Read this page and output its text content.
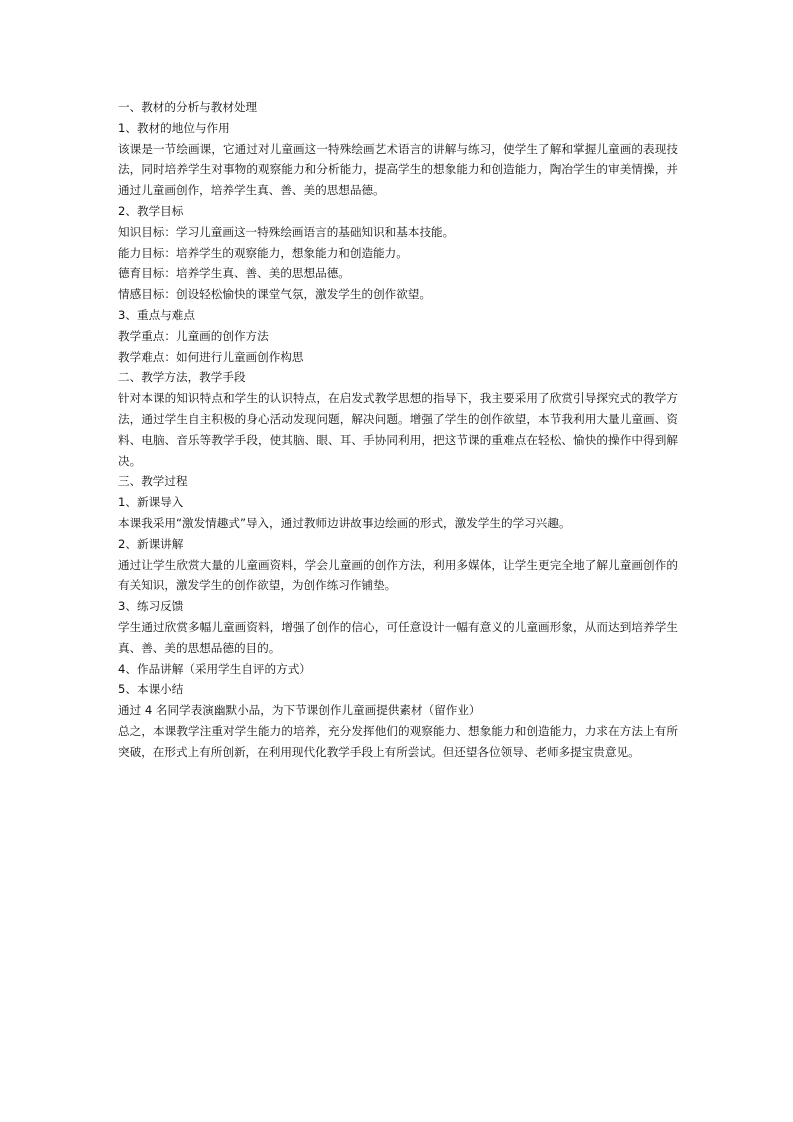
一、教材的分析与教材处理

1、教材的地位与作用

该课是一节绘画课，它通过对儿童画这一特殊绘画艺术语言的讲解与练习，使学生了解和掌握儿童画的表现技法，同时培养学生对事物的观察能力和分析能力，提高学生的想象能力和创造能力，陶冶学生的审美情操，并通过儿童画创作，培养学生真、善、美的思想品德。

2、教学目标

知识目标：学习儿童画这一特殊绘画语言的基础知识和基本技能。

能力目标：培养学生的观察能力，想象能力和创造能力。

德育目标：培养学生真、善、美的思想品德。

情感目标：创设轻松愉快的课堂气氛，激发学生的创作欲望。

3、重点与难点

教学重点：儿童画的创作方法

教学难点：如何进行儿童画创作构思

二、教学方法，教学手段

针对本课的知识特点和学生的认识特点，在启发式教学思想的指导下，我主要采用了欣赏引导探究式的教学方法，通过学生自主积极的身心活动发现问题，解决问题。增强了学生的创作欲望，本节我利用大量儿童画、资料、电脑、音乐等教学手段，使其脑、眼、耳、手协同利用，把这节课的重难点在轻松、愉快的操作中得到解决。

三、教学过程

1、新课导入

本课我采用“激发情趣式”导入，通过教师边讲故事边绘画的形式，激发学生的学习兴趣。

2、新课讲解

通过让学生欣赏大量的儿童画资料，学会儿童画的创作方法，利用多媒体，让学生更完全地了解儿童画创作的有关知识，激发学生的创作欲望，为创作练习作铺垫。

3、练习反馈

学生通过欣赏多幅儿童画资料，增强了创作的信心，可任意设计一幅有意义的儿童画形象，从而达到培养学生真、善、美的思想品德的目的。

4、作品讲解（采用学生自评的方式）

5、本课小结

通过 4 名同学表演幽默小品，为下节课创作儿童画提供素材（留作业）

总之，本课教学注重对学生能力的培养，充分发挥他们的观察能力、想象能力和创造能力，力求在方法上有所突破，在形式上有所创新，在利用现代化教学手段上有所尝试。但还望各位领导、老师多提宝贵意见。
